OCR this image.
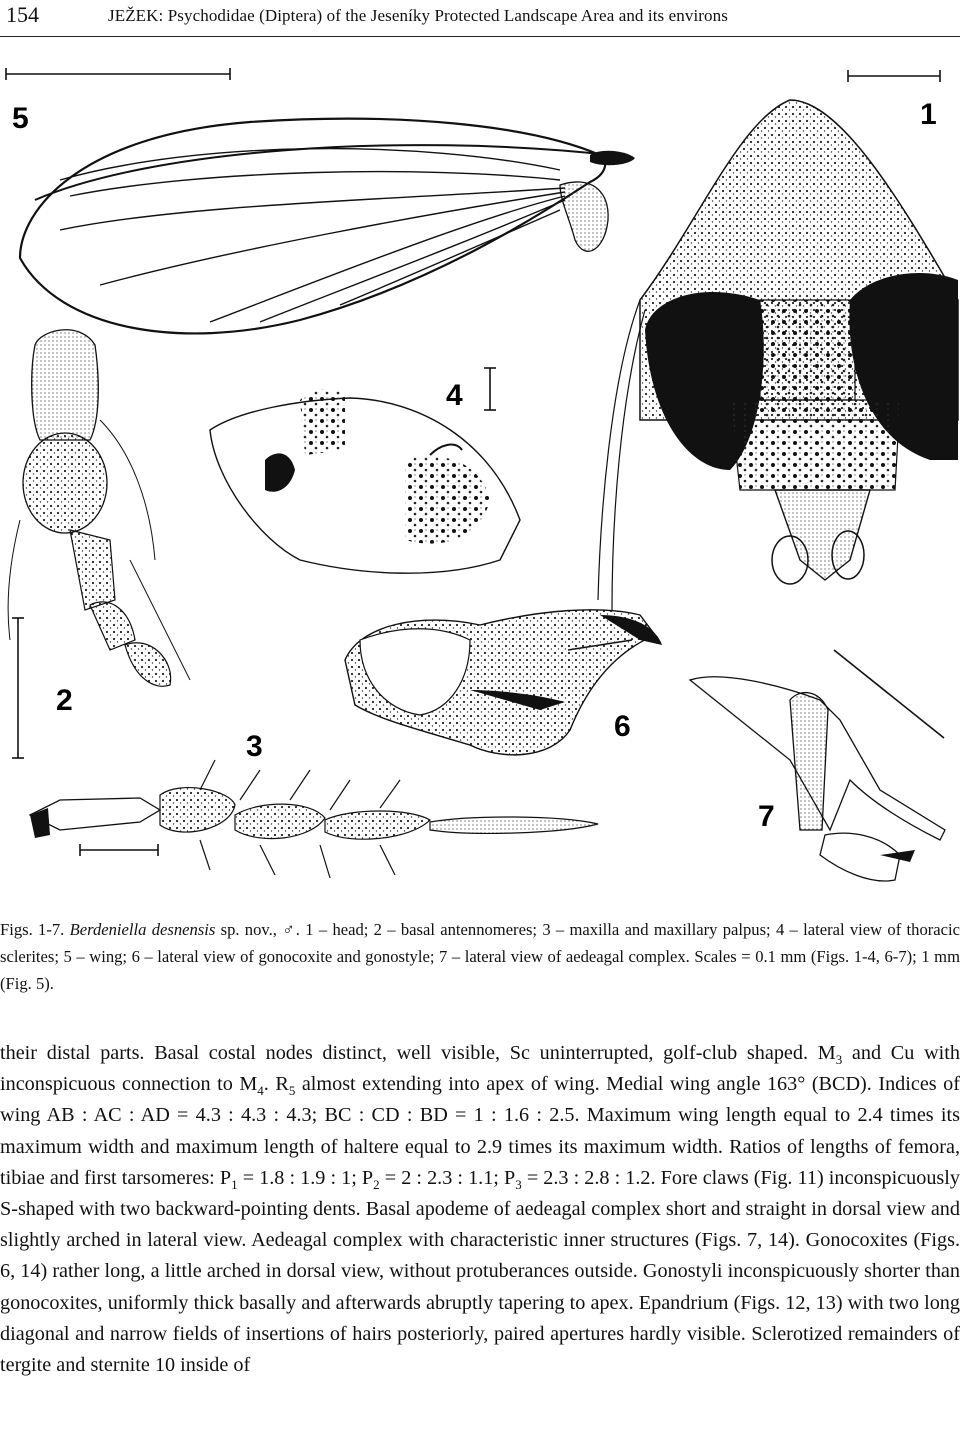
154	JEŽEK: Psychodidae (Diptera) of the Jeseníky Protected Landscape Area and its environs
5	1
4
2
3
6
7
Figs. 1-7. Berdeniella desnensis sp. nov., ♂. 1 – head; 2 – basal antennomeres; 3 – maxilla and maxillary palpus; 4 – lateral view of thoracic sclerites; 5 – wing; 6 – lateral view of gonocoxite and gonostyle; 7 – lateral view of aedeagal complex. Scales = 0.1 mm (Figs. 1-4, 6-7); 1 mm (Fig. 5).
their distal parts. Basal costal nodes distinct, well visible, Sc uninterrupted, golf-club shaped. $M_3$ and Cu with inconspicuous connection to $M_4$. $R_5$ almost extending into apex of wing. Medial wing angle 163° (BCD). Indices of wing AB : AC : AD = 4.3 : 4.3 : 4.3; BC : CD : BD = 1 : 1.6 : 2.5. Maximum wing length equal to 2.4 times its maximum width and maximum length of haltere equal to 2.9 times its maximum width. Ratios of lengths of femora, tibiae and first tarsomeres: $P_1 = 1.8$ : 1.9 : 1; $P_2 = 2$ : 2.3 : 1.1; $P_3 = 2.3$ : 2.8 : 1.2. Fore claws (Fig. 11) inconspicuously S-shaped with two backward-pointing dents. Basal apodeme of aedeagal complex short and straight in dorsal view and slightly arched in lateral view. Aedeagal complex with characteristic inner structures (Figs. 7, 14). Gonocoxites (Figs. 6, 14) rather long, a little arched in dorsal view, without protuberances outside. Gonostyli inconspicuously shorter than gonocoxites, uniformly thick basally and afterwards abruptly tapering to apex. Epandrium (Figs. 12, 13) with two long diagonal and narrow fields of insertions of hairs posteriorly, paired apertures hardly visible. Sclerotized remainders of tergite and sternite 10 inside of
